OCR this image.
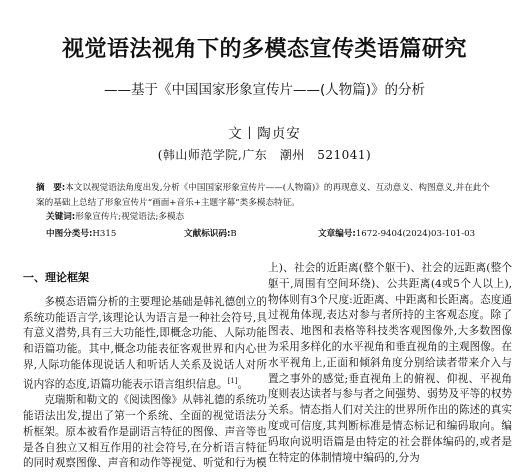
视觉语法视角下的多模态宣传类语篇研究
——基于《中国国家形象宣传片——(人物篇)》的分析
文丨陶贞安
(韩山师范学院,广东　潮州　521041)
摘　要:本文以视觉语法角度出发,分析《中国国家形象宣传片——(人物篇)》的再现意义、互动意义、构图意义,并在此个案的基础上总结了形象宣传片“画面+音乐+主题字幕”类多模态特征。
关键词:形象宣传片;视觉语法;多模态
中图分类号:H315	文献标识码:B	文章编号:1672-9404(2024)03-101-03
一、理论框架

多模态语篇分析的主要理论基础是韩礼德创立的系统功能语言学,该理论认为语言是一种社会符号,具有意义潜势,具有三大功能性,即概念功能、人际功能和语篇功能。其中,概念功能表征客观世界和内心世界,人际功能体现说话人和听话人关系及说话人对所说内容的态度,语篇功能表示语言组织信息。[1]。

克瑞斯和勒文的《阅读图像》从韩礼德的系统功能语法出发,提出了第一个系统、全面的视觉语法分析框架。原本被看作是副语言特征的图像、声音等也是各自独立又相互作用的社会符号,在分析语言特征的同时观察图像、声音和动作等视觉、听觉和行为模

上)、社会的近距离(整个躯干)、社会的远距离(整个躯干,周围有空间环绕)、公共距离(4或5个人以上),物体则有3个尺度:近距离、中距离和长距离。态度通过视角体现,表达对参与者所持的主客观态度。除了图表、地图和表格等科技类客观图像外,大多数图像为采用多样化的水平视角和垂直视角的主观图像。在水平视角上,正面和倾斜角度分别给读者带来介入与置之事外的感觉;垂直视角上的俯视、仰视、平视角度则表达读者与参与者之间强势、弱势及平等的权势关系。情态指人们对关注的世界所作出的陈述的真实度或可信度,其判断标准是情态标记和编码取向。编码取向说明语篇是由特定的社会群体编码的,或者是在特定的体制情境中编码的,分为
